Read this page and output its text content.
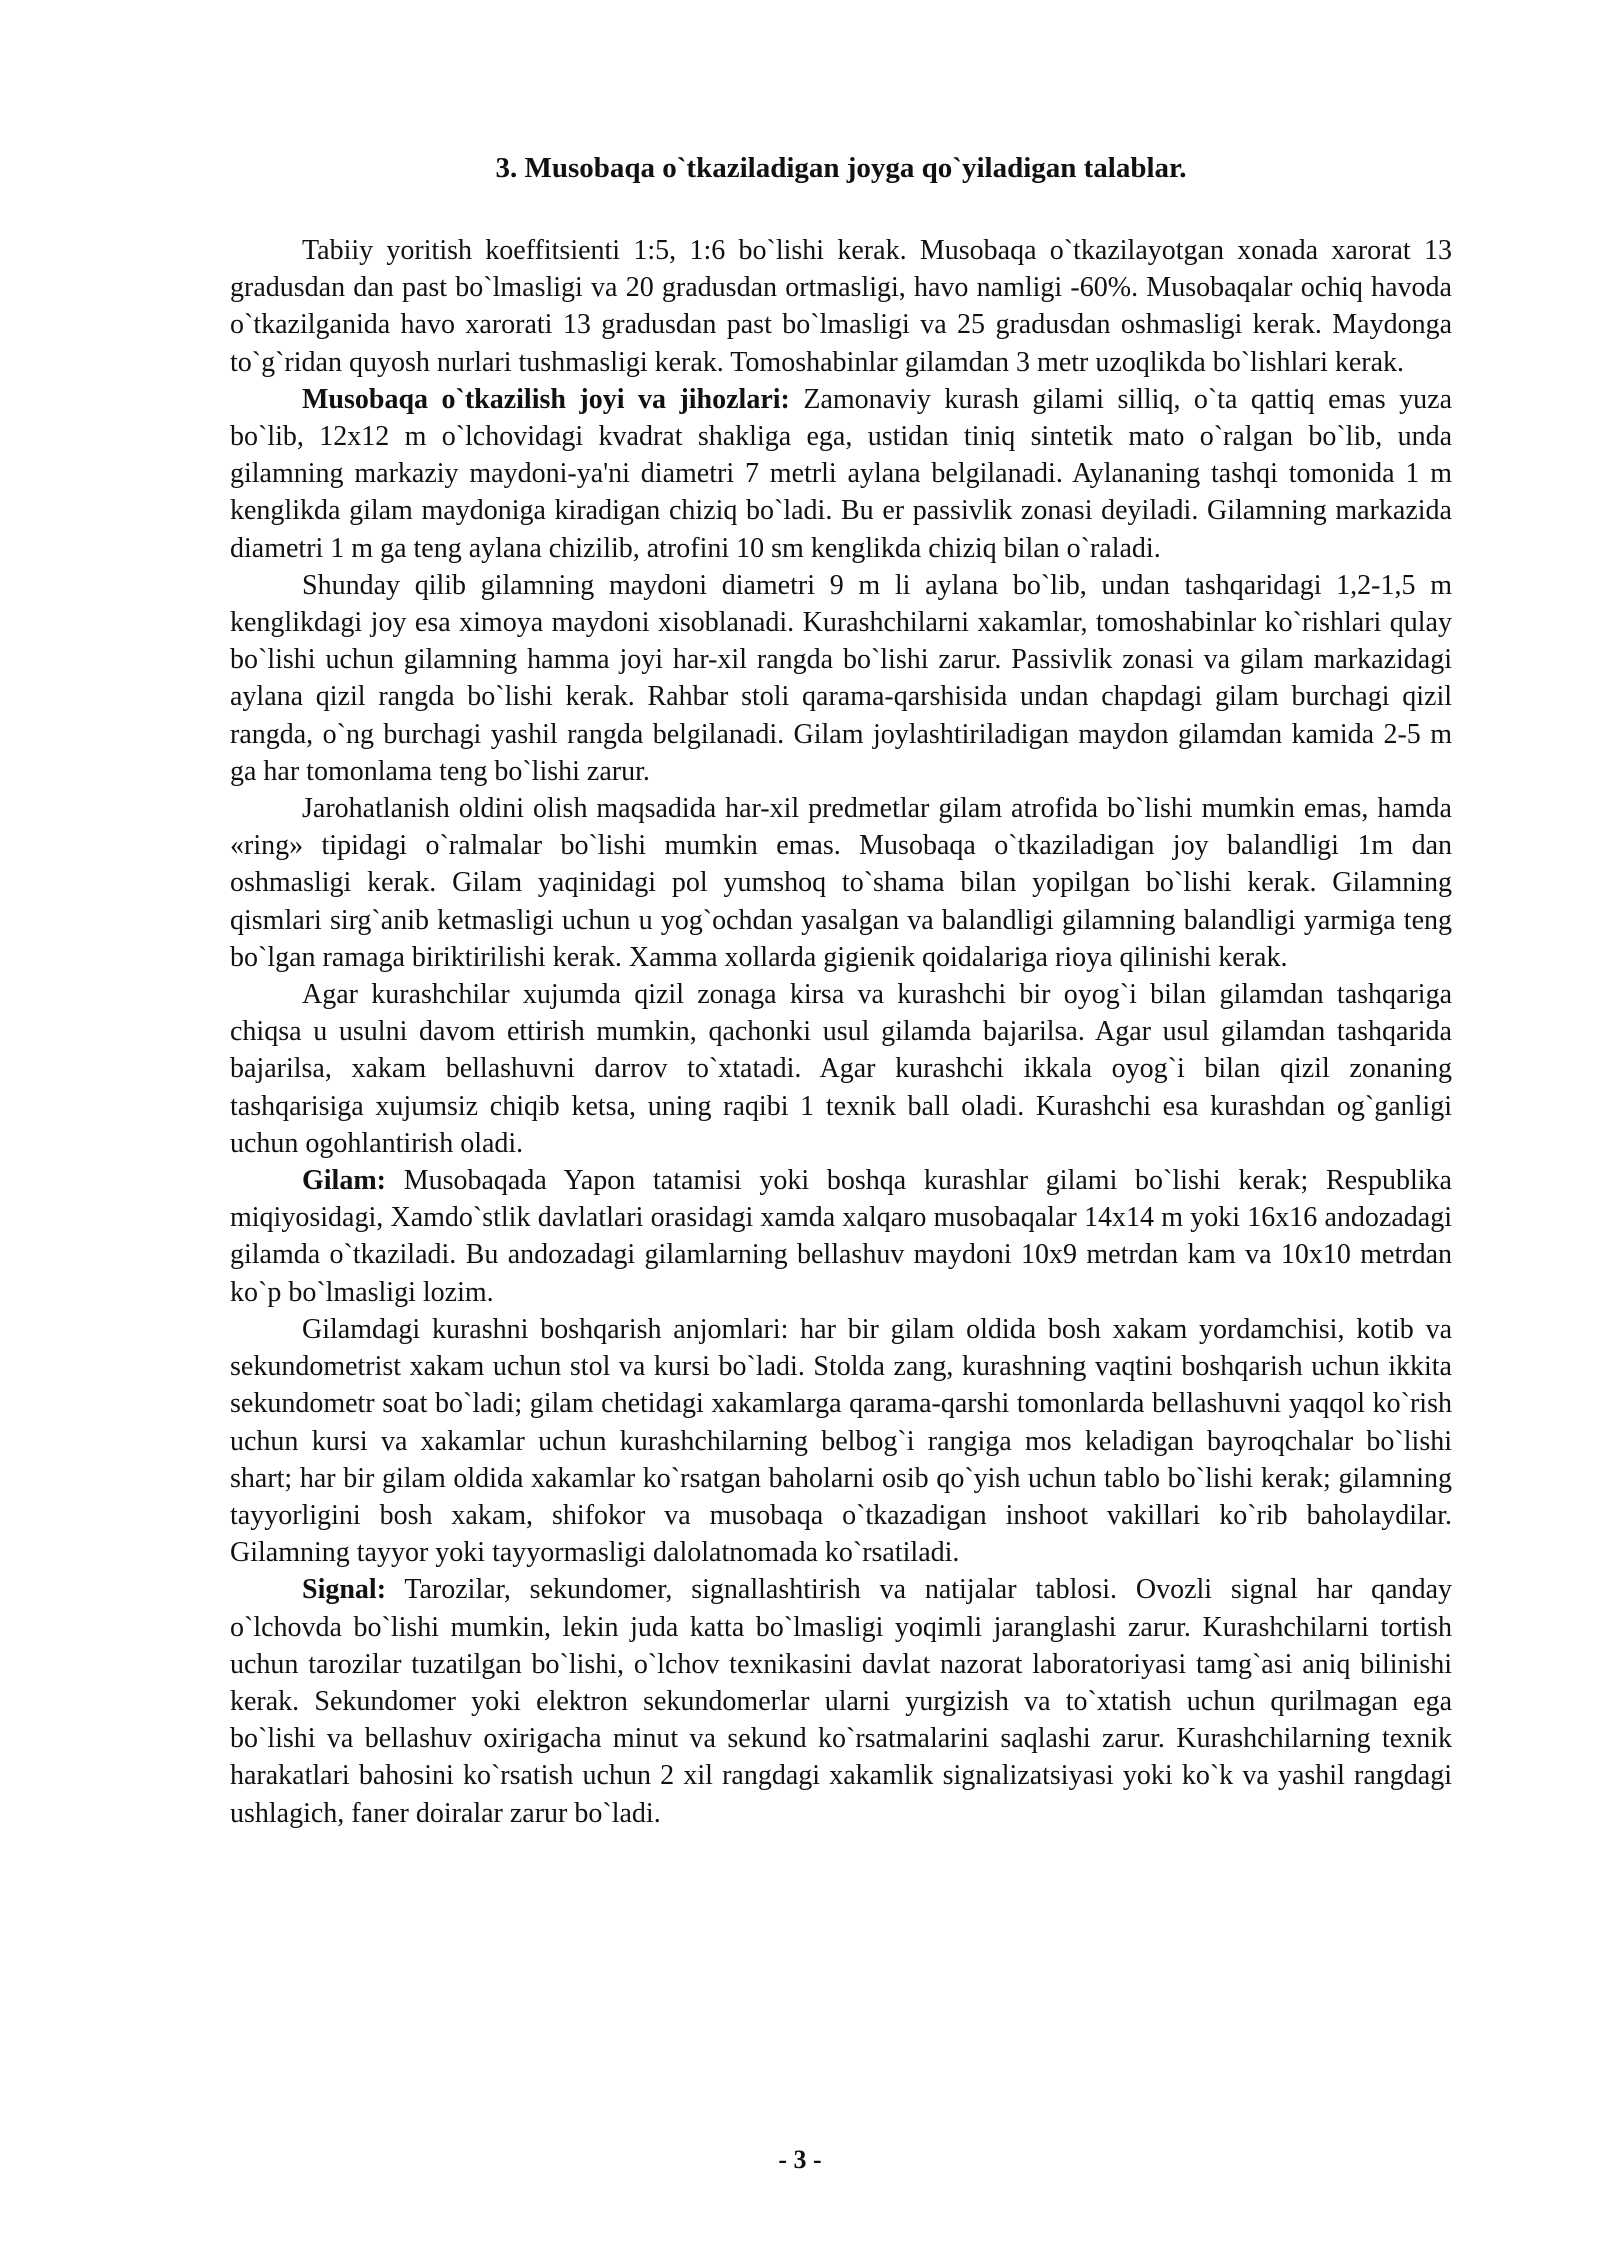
3. Musobaqa o`tkaziladigan joyga qo`yiladigan talablar.

Tabiiy yoritish koeffitsienti 1:5, 1:6 bo`lishi kerak. Musobaqa o`tkazilayotgan xonada xarorat 13 gradusdan dan past bo`lmasligi va 20 gradusdan ortmasligi, havo namligi -60%. Musobaqalar ochiq havoda o`tkazilganida havo xarorati 13 gradusdan past bo`lmasligi va 25 gradusdan oshmasligi kerak. Maydonga to`g`ridan quyosh nurlari tushmasligi kerak. Tomoshabinlar gilamdan 3 metr uzoqlikda bo`lishlari kerak.

Musobaqa o`tkazilish joyi va jihozlari: Zamonaviy kurash gilami silliq, o`ta qattiq emas yuza bo`lib, 12x12 m o`lchovidagi kvadrat shakliga ega, ustidan tiniq sintetik mato o`ralgan bo`lib, unda gilamning markaziy maydoni-ya'ni diametri 7 metrli aylana belgilanadi. Aylananing tashqi tomonida 1 m kenglikda gilam maydoniga kiradigan chiziq bo`ladi. Bu er passivlik zonasi deyiladi. Gilamning markazida diametri 1 m ga teng aylana chizilib, atrofini 10 sm kenglikda chiziq bilan o`raladi.

Shunday qilib gilamning maydoni diametri 9 m li aylana bo`lib, undan tashqaridagi 1,2-1,5 m kenglikdagi joy esa ximoya maydoni xisoblanadi. Kurashchilarni xakamlar, tomoshabinlar ko`rishlari qulay bo`lishi uchun gilamning hamma joyi har-xil rangda bo`lishi zarur. Passivlik zonasi va gilam markazidagi aylana qizil rangda bo`lishi kerak. Rahbar stoli qarama-qarshisida undan chapdagi gilam burchagi qizil rangda, o`ng burchagi yashil rangda belgilanadi. Gilam joylashtiriladigan maydon gilamdan kamida 2-5 m ga har tomonlama teng bo`lishi zarur.

Jarohatlanish oldini olish maqsadida har-xil predmetlar gilam atrofida bo`lishi mumkin emas, hamda «ring» tipidagi o`ralmalar bo`lishi mumkin emas. Musobaqa o`tkaziladigan joy balandligi 1m dan oshmasligi kerak. Gilam yaqinidagi pol yumshoq to`shama bilan yopilgan bo`lishi kerak. Gilamning qismlari sirg`anib ketmasligi uchun u yog`ochdan yasalgan va balandligi gilamning balandligi yarmiga teng bo`lgan ramaga biriktirilishi kerak. Xamma xollarda gigienik qoidalariga rioya qilinishi kerak.

Agar kurashchilar xujumda qizil zonaga kirsa va kurashchi bir oyog`i bilan gilamdan tashqariga chiqsa u usulni davom ettirish mumkin, qachonki usul gilamda bajarilsa. Agar usul gilamdan tashqarida bajarilsa, xakam bellashuvni darrov to`xtatadi. Agar kurashchi ikkala oyog`i bilan qizil zonaning tashqarisiga xujumsiz chiqib ketsa, uning raqibi 1 texnik ball oladi. Kurashchi esa kurashdan og`ganligi uchun ogohlantirish oladi.

Gilam: Musobaqada Yapon tatamisi yoki boshqa kurashlar gilami bo`lishi kerak; Respublika miqiyosidagi, Xamdo`stlik davlatlari orasidagi xamda xalqaro musobaqalar 14x14 m yoki 16x16 andozadagi gilamda o`tkaziladi. Bu andozadagi gilamlarning bellashuv maydoni 10x9 metrdan kam va 10x10 metrdan ko`p bo`lmasligi lozim.

Gilamdagi kurashni boshqarish anjomlari: har bir gilam oldida bosh xakam yordamchisi, kotib va sekundometrist xakam uchun stol va kursi bo`ladi. Stolda zang, kurashning vaqtini boshqarish uchun ikkita sekundometr soat bo`ladi; gilam chetidagi xakamlarga qarama-qarshi tomonlarda bellashuvni yaqqol ko`rish uchun kursi va xakamlar uchun kurashchilarning belbog`i rangiga mos keladigan bayroqchalar bo`lishi shart; har bir gilam oldida xakamlar ko`rsatgan baholarni osib qo`yish uchun tablo bo`lishi kerak; gilamning tayyorligini bosh xakam, shifokor va musobaqa o`tkazadigan inshoot vakillari ko`rib baholaydilar. Gilamning tayyor yoki tayyormasligi dalolatnomada ko`rsatiladi.

Signal: Tarozilar, sekundomer, signallashtirish va natijalar tablosi. Ovozli signal har qanday o`lchovda bo`lishi mumkin, lekin juda katta bo`lmasligi yoqimli jaranglashi zarur. Kurashchilarni tortish uchun tarozilar tuzatilgan bo`lishi, o`lchov texnikasini davlat nazorat laboratoriyasi tamg`asi aniq bilinishi kerak. Sekundomer yoki elektron sekundomerlar ularni yurgizish va to`xtatish uchun qurilmagan ega bo`lishi va bellashuv oxirigacha minut va sekund ko`rsatmalarini saqlashi zarur. Kurashchilarning texnik harakatlari bahosini ko`rsatish uchun 2 xil rangdagi xakamlik signalizatsiyasi yoki ko`k va yashil rangdagi ushlagich, faner doiralar zarur bo`ladi.

- 3 -
